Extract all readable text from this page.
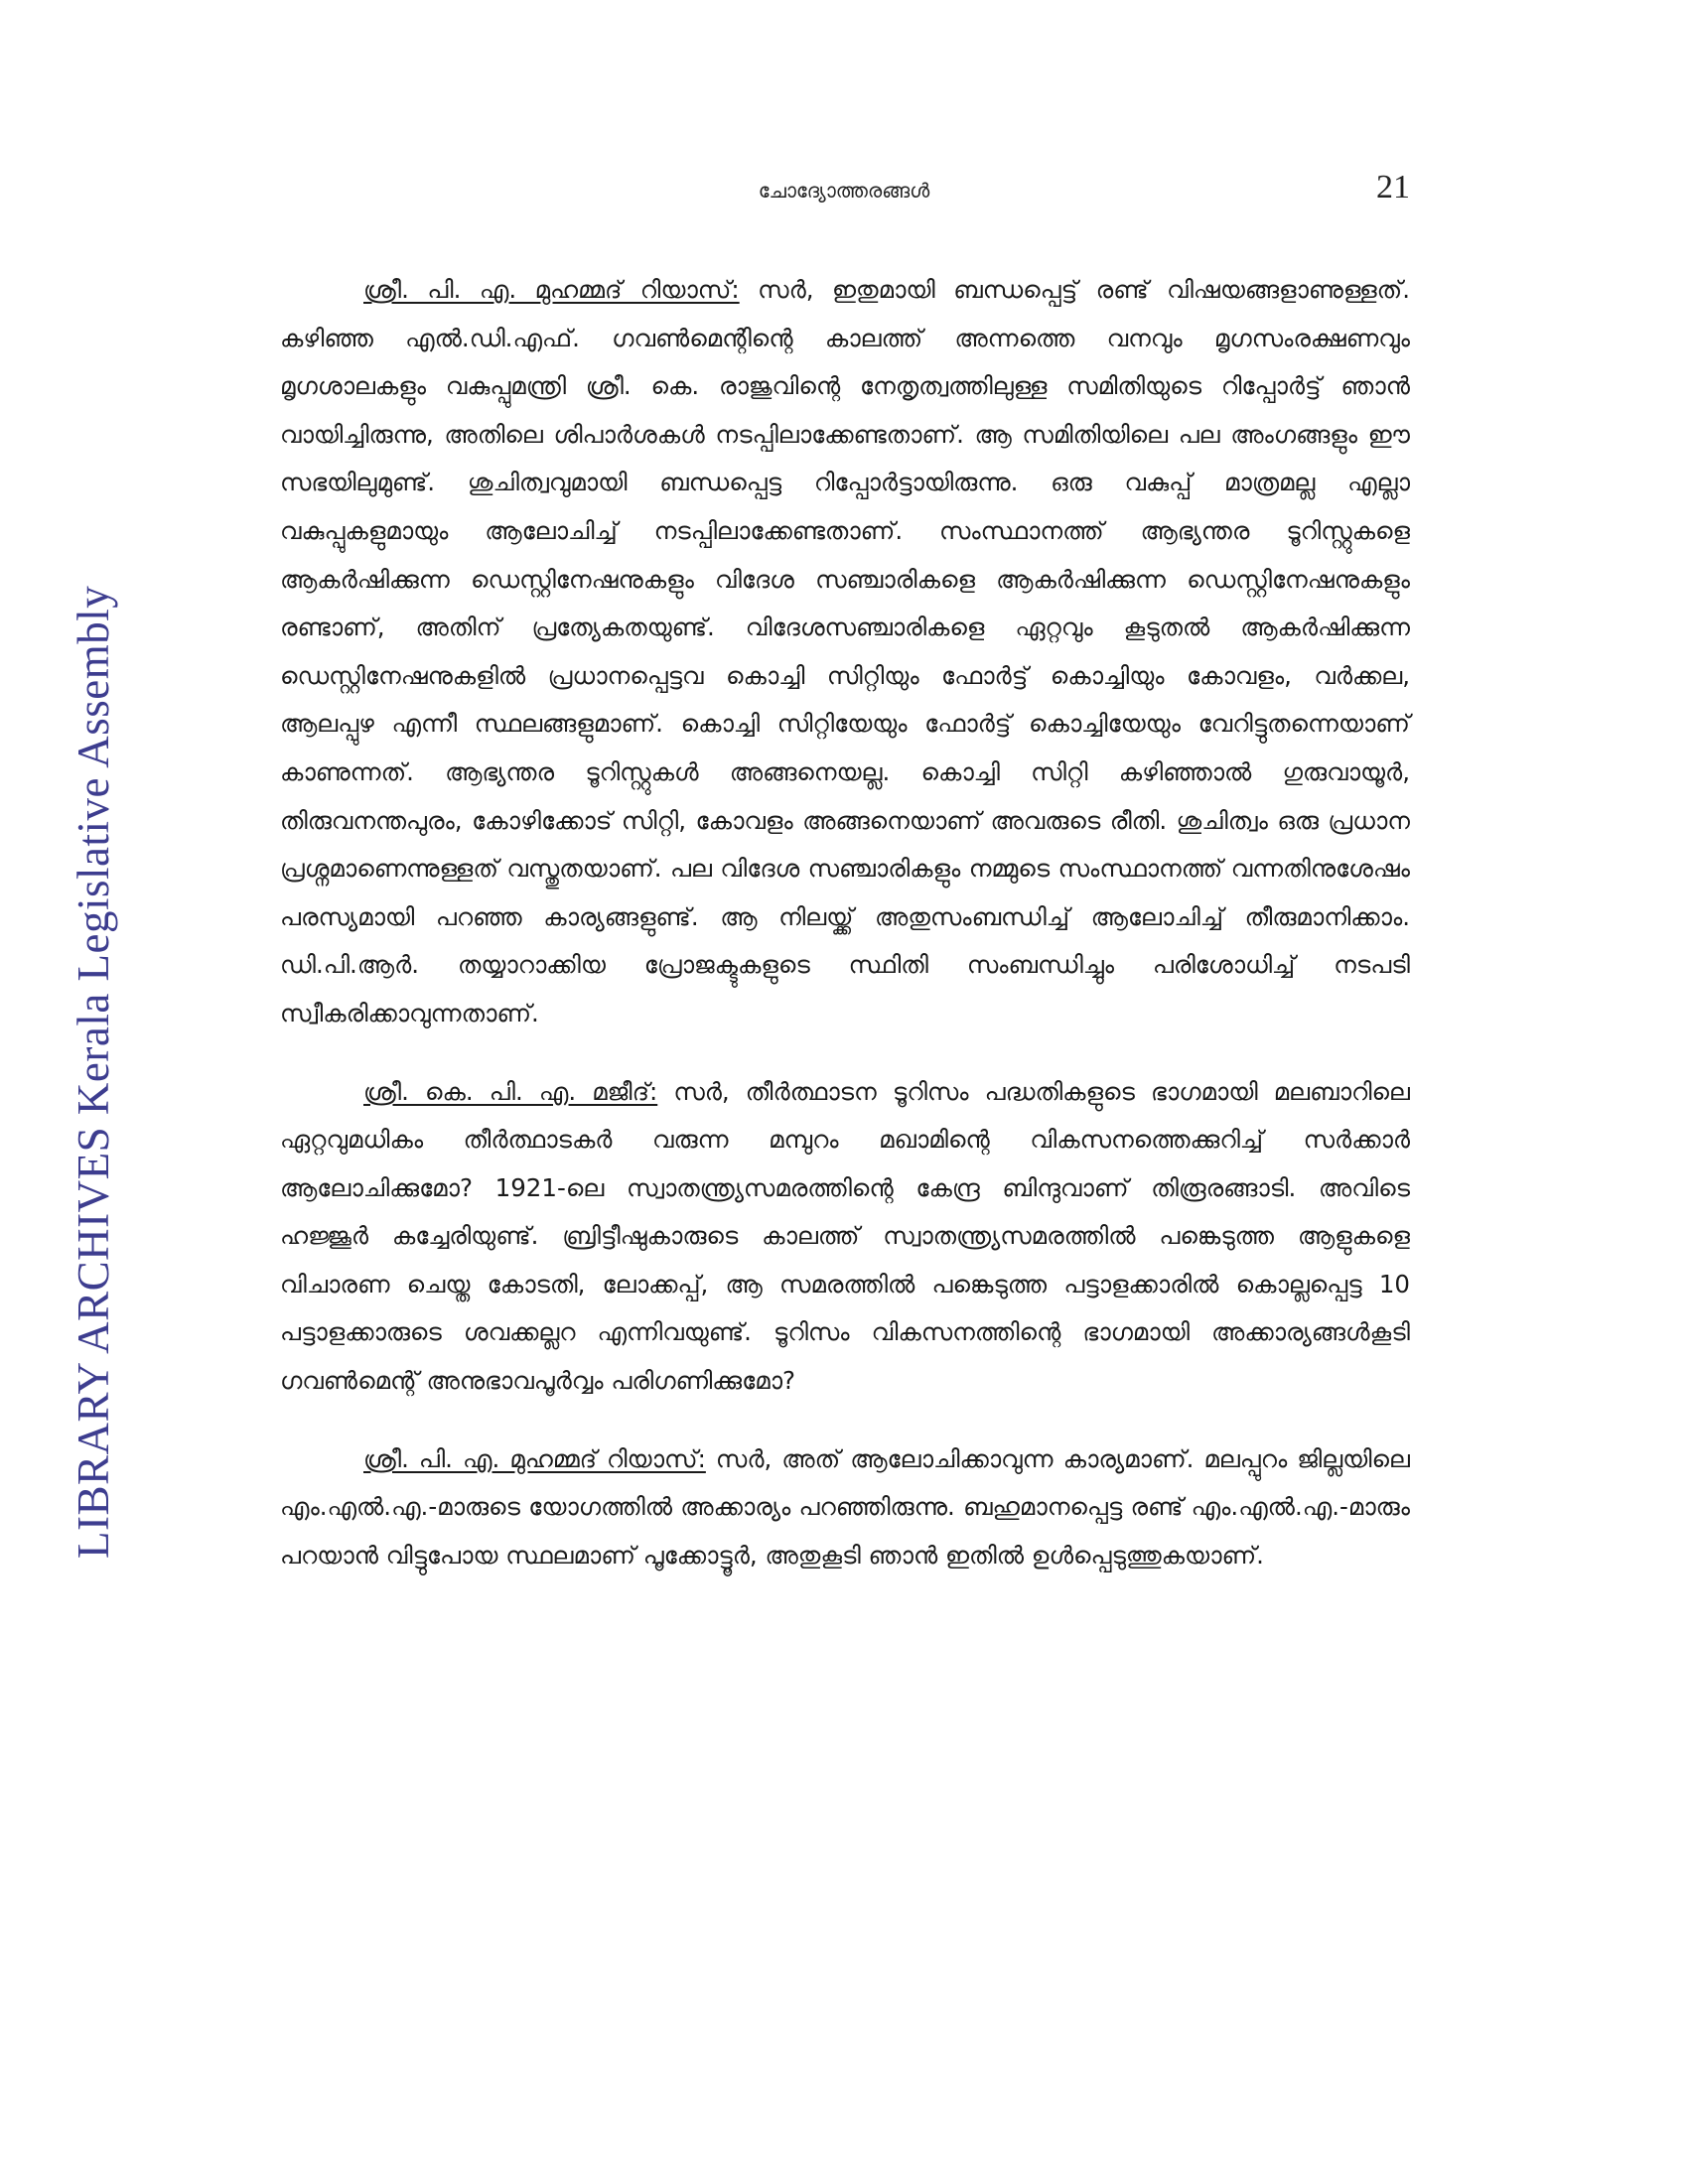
LIBRARY ARCHIVES Kerala Legislative Assembly
ചോദ്യോത്തരങ്ങൾ	21

ശ്രീ. പി. എ. മുഹമ്മദ് റിയാസ്: സർ, ഇതുമായി ബന്ധപ്പെട്ട് രണ്ട് വിഷയങ്ങളാണുള്ളത്. കഴിഞ്ഞ എൽ.ഡി.എഫ്. ഗവൺമെന്റിന്റെ കാലത്ത് അന്നത്തെ വനവും മൃഗസംരക്ഷണവും മൃഗശാലകളും വകുപ്പുമന്ത്രി ശ്രീ. കെ. രാജുവിന്റെ നേതൃത്വത്തിലുള്ള സമിതിയുടെ റിപ്പോർട്ട് ഞാൻ വായിച്ചിരുന്നു, അതിലെ ശിപാർശകൾ നടപ്പിലാക്കേണ്ടതാണ്. ആ സമിതിയിലെ പല അംഗങ്ങളും ഈ സഭയിലുമുണ്ട്. ശുചിത്വവുമായി ബന്ധപ്പെട്ട റിപ്പോർട്ടായിരുന്നു. ഒരു വകുപ്പ് മാത്രമല്ല എല്ലാ വകുപ്പുകളുമായും ആലോചിച്ച് നടപ്പിലാക്കേണ്ടതാണ്. സംസ്ഥാനത്ത് ആഭ്യന്തര ടൂറിസ്റ്റുകളെ ആകർഷിക്കുന്ന ഡെസ്റ്റിനേഷനുകളും വിദേശ സഞ്ചാരികളെ ആകർഷിക്കുന്ന ഡെസ്റ്റിനേഷനുകളും രണ്ടാണ്, അതിന് പ്രത്യേകതയുണ്ട്. വിദേശസഞ്ചാരികളെ ഏറ്റവും കൂടുതൽ ആകർഷിക്കുന്ന ഡെസ്റ്റിനേഷനുകളിൽ പ്രധാനപ്പെട്ടവ കൊച്ചി സിറ്റിയും ഫോർട്ട് കൊച്ചിയും കോവളം, വർക്കല, ആലപ്പുഴ എന്നീ സ്ഥലങ്ങളുമാണ്. കൊച്ചി സിറ്റിയേയും ഫോർട്ട് കൊച്ചിയേയും വേറിട്ടുതന്നെയാണ് കാണുന്നത്. ആഭ്യന്തര ടൂറിസ്റ്റുകൾ അങ്ങനെയല്ല. കൊച്ചി സിറ്റി കഴിഞ്ഞാൽ ഗുരുവായൂർ, തിരുവനന്തപുരം, കോഴിക്കോട് സിറ്റി, കോവളം അങ്ങനെയാണ് അവരുടെ രീതി. ശുചിത്വം ഒരു പ്രധാന പ്രശ്നമാണെന്നുള്ളത് വസ്തുതയാണ്. പല വിദേശ സഞ്ചാരികളും നമ്മുടെ സംസ്ഥാനത്ത് വന്നതിനുശേഷം പരസ്യമായി പറഞ്ഞ കാര്യങ്ങളുണ്ട്. ആ നിലയ്ക്ക് അതുസംബന്ധിച്ച് ആലോചിച്ച് തീരുമാനിക്കാം. ഡി.പി.ആർ. തയ്യാറാക്കിയ പ്രോജക്ടുകളുടെ സ്ഥിതി സംബന്ധിച്ചും പരിശോധിച്ച് നടപടി സ്വീകരിക്കാവുന്നതാണ്.

ശ്രീ. കെ. പി. എ. മജീദ്: സർ, തീർത്ഥാടന ടൂറിസം പദ്ധതികളുടെ ഭാഗമായി മലബാറിലെ ഏറ്റവുമധികം തീർത്ഥാടകർ വരുന്ന മമ്പുറം മഖാമിന്റെ വികസനത്തെക്കുറിച്ച് സർക്കാർ ആലോചിക്കുമോ? 1921-ലെ സ്വാതന്ത്ര്യസമരത്തിന്റെ കേന്ദ്ര ബിന്ദുവാണ് തിരൂരങ്ങാടി. അവിടെ ഹജ്ജൂർ കച്ചേരിയുണ്ട്. ബ്രിട്ടീഷുകാരുടെ കാലത്ത് സ്വാതന്ത്ര്യസമരത്തിൽ പങ്കെടുത്ത ആളുകളെ വിചാരണ ചെയ്ത കോടതി, ലോക്കപ്പ്, ആ സമരത്തിൽ പങ്കെടുത്ത പട്ടാളക്കാരിൽ കൊല്ലപ്പെട്ട 10 പട്ടാളക്കാരുടെ ശവക്കല്ലറ എന്നിവയുണ്ട്. ടൂറിസം വികസനത്തിന്റെ ഭാഗമായി അക്കാര്യങ്ങൾകൂടി ഗവൺമെന്റ് അനുഭാവപൂർവ്വം പരിഗണിക്കുമോ?

ശ്രീ. പി. എ. മുഹമ്മദ് റിയാസ്: സർ, അത് ആലോചിക്കാവുന്ന കാര്യമാണ്. മലപ്പുറം ജില്ലയിലെ എം.എൽ.എ.-മാരുടെ യോഗത്തിൽ അക്കാര്യം പറഞ്ഞിരുന്നു. ബഹുമാനപ്പെട്ട രണ്ട് എം.എൽ.എ.-മാരും പറയാൻ വിട്ടുപോയ സ്ഥലമാണ് പൂക്കോട്ടൂർ, അതുകൂടി ഞാൻ ഇതിൽ ഉൾപ്പെടുത്തുകയാണ്.
